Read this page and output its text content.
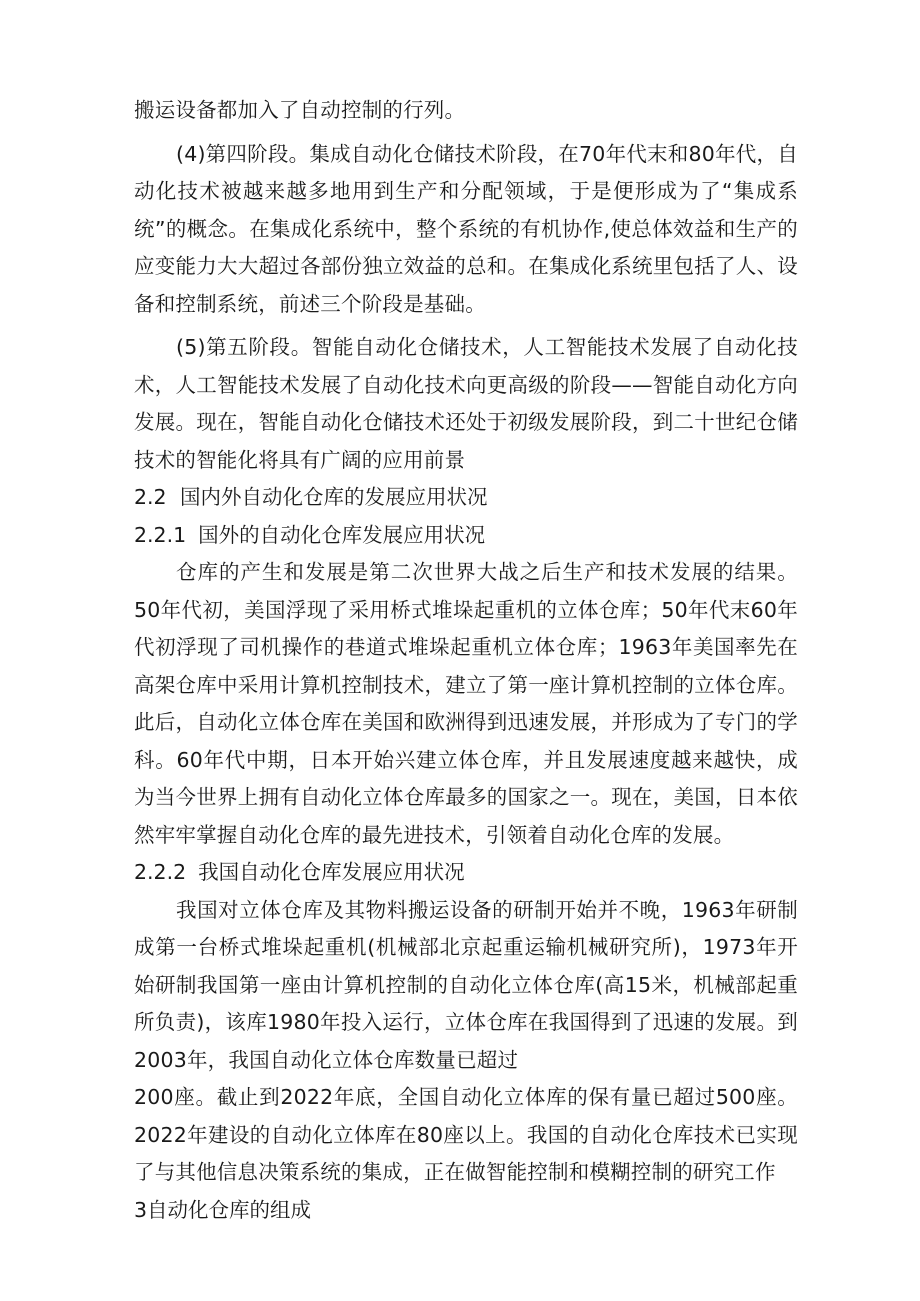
搬运设备都加入了自动控制的行列。

(4)第四阶段。集成自动化仓储技术阶段，在70年代末和80年代，自动化技术被越来越多地用到生产和分配领域，于是便形成为了“集成系统”的概念。在集成化系统中，整个系统的有机协作,使总体效益和生产的应变能力大大超过各部份独立效益的总和。在集成化系统里包括了人、设备和控制系统，前述三个阶段是基础。

(5)第五阶段。智能自动化仓储技术，人工智能技术发展了自动化技术，人工智能技术发展了自动化技术向更高级的阶段——智能自动化方向发展。现在，智能自动化仓储技术还处于初级发展阶段，到二十世纪仓储技术的智能化将具有广阔的应用前景

2.2 国内外自动化仓库的发展应用状况
2.2.1 国外的自动化仓库发展应用状况

仓库的产生和发展是第二次世界大战之后生产和技术发展的结果。50年代初，美国浮现了采用桥式堆垛起重机的立体仓库；50年代末60年代初浮现了司机操作的巷道式堆垛起重机立体仓库；1963年美国率先在高架仓库中采用计算机控制技术，建立了第一座计算机控制的立体仓库。此后，自动化立体仓库在美国和欧洲得到迅速发展，并形成为了专门的学科。60年代中期，日本开始兴建立体仓库，并且发展速度越来越快，成为当今世界上拥有自动化立体仓库最多的国家之一。现在，美国，日本依然牢牢掌握自动化仓库的最先进技术，引领着自动化仓库的发展。

2.2.2 我国自动化仓库发展应用状况

我国对立体仓库及其物料搬运设备的研制开始并不晚，1963年研制成第一台桥式堆垛起重机(机械部北京起重运输机械研究所)，1973年开始研制我国第一座由计算机控制的自动化立体仓库(高15米，机械部起重所负责)，该库1980年投入运行，立体仓库在我国得到了迅速的发展。到2003年，我国自动化立体仓库数量已超过

200座。截止到2022年底，全国自动化立体库的保有量已超过500座。2022年建设的自动化立体库在80座以上。我国的自动化仓库技术已实现了与其他信息决策系统的集成，正在做智能控制和模糊控制的研究工作

3自动化仓库的组成
